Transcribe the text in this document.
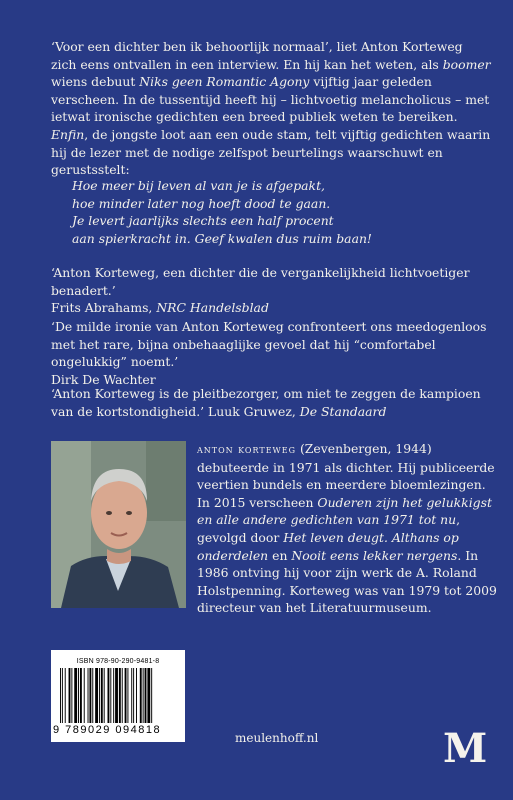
‘Voor een dichter ben ik behoorlijk normaal’, liet Anton Korteweg zich eens ontvallen in een interview. En hij kan het weten, als boomer wiens debuut Niks geen Romantic Agony vijftig jaar geleden verscheen. In de tussentijd heeft hij – lichtvoetig melancholicus – met ietwat ironische gedichten een breed publiek weten te bereiken.

Enfin, de jongste loot aan een oude stam, telt vijftig gedichten waarin hij de lezer met de nodige zelfspot beurtelings waarschuwt en gerustsstelt:

Hoe meer bij leven al van je is afgepakt,
hoe minder later nog hoeft dood te gaan.
Je levert jaarlijks slechts een half procent
aan spierkracht in. Geef kwalen dus ruim baan!

‘Anton Korteweg, een dichter die de vergankelijkheid lichtvoetiger benadert.’
Frits Abrahams, NRC Handelsblad

‘De milde ironie van Anton Korteweg confronteert ons meedogenloos met het rare, bijna onbehaaglijke gevoel dat hij “comfortabel ongelukkig” noemt.’
Dirk De Wachter

‘Anton Korteweg is de pleitbezorger, om niet te zeggen de kampioen van de kortstondigheid.’ Luuk Gruwez, De Standaard

anton korteweg (Zevenbergen, 1944) debuteerde in 1971 als dichter. Hij publiceerde veertien bundels en meerdere bloemlezingen. In 2015 verscheen Ouderen zijn het gelukkigst en alle andere gedichten van 1971 tot nu, gevolgd door Het leven deugt. Althans op onderdelen en Nooit eens lekker nergens. In 1986 ontving hij voor zijn werk de A. Roland Holstpenning. Korteweg was van 1979 tot 2009 directeur van het Literatuurmuseum.

ISBN 978-90-290-9481-8
9 789029 094818
meulenhoff.nl	M
